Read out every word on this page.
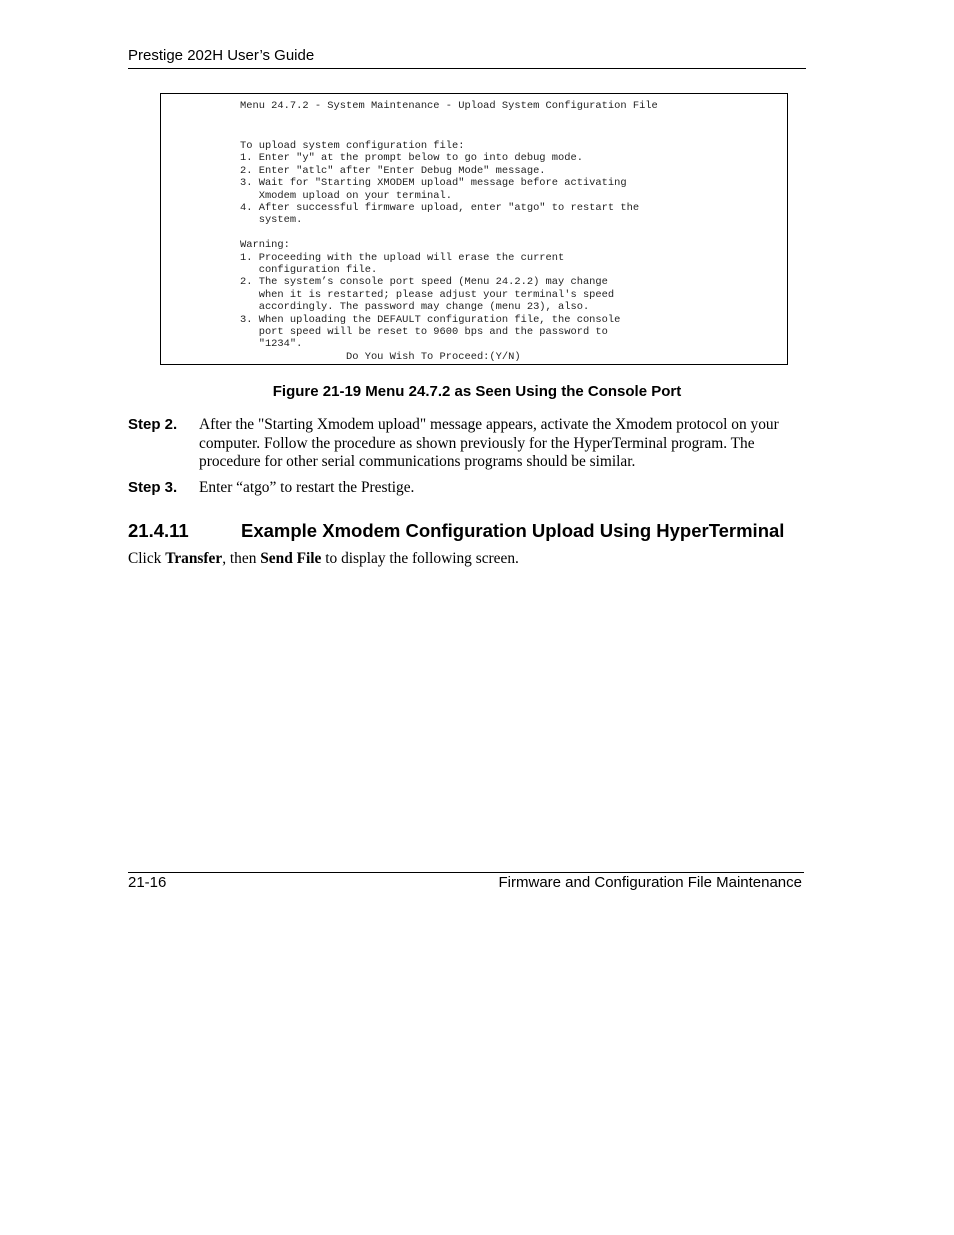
Prestige 202H User’s Guide
Menu 24.7.2 - System Maintenance - Upload System Configuration File
To upload system configuration file:
1. Enter "y" at the prompt below to go into debug mode.
2. Enter "atlc" after "Enter Debug Mode" message.
3. Wait for "Starting XMODEM upload" message before activating
Xmodem upload on your terminal.
4. After successful firmware upload, enter "atgo" to restart the
system.
Warning:
1. Proceeding with the upload will erase the current
configuration file.
2. The system’s console port speed (Menu 24.2.2) may change
when it is restarted; please adjust your terminal's speed
accordingly. The password may change (menu 23), also.
3. When uploading the DEFAULT configuration file, the console
port speed will be reset to 9600 bps and the password to
"1234".
Do You Wish To Proceed:(Y/N)
Figure 21-19 Menu 24.7.2 as Seen Using the Console Port
Step 2. After the "Starting Xmodem upload" message appears, activate the Xmodem protocol on your
computer. Follow the procedure as shown previously for the HyperTerminal program. The
procedure for other serial communications programs should be similar.
Step 3. Enter “atgo” to restart the Prestige.
21.4.11	Example Xmodem Configuration Upload Using HyperTerminal
Click Transfer, then Send File to display the following screen.
21-16	Firmware and Configuration File Maintenance
